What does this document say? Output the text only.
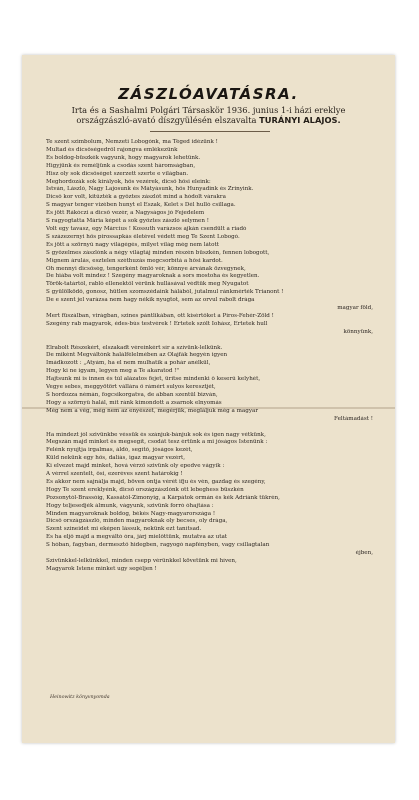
ZÁSZLÓAVATÁSRA.
Irta és a Sashalmi Polgári Társaskör 1936. junius 1-i házi ereklye
országzászló-avató díszgyülésén elszavalta TURÁNYI ALAJOS.
Te szent szimbolum, Nemzeti Lobogónk, ma Téged idézünk !
Multad és dicsőségedről rajongva emlékezünk
És boldog-büszkék vagyunk, hogy magyarok lehetünk.
Higyjünk és reméljünk a csodás szent háromságban,
Hisz oly sok dicsőséget szerzett szerte e világban.
Meghordozák sok királyok, hős vezérek, dicső hősi eleink:
István, László, Nagy Lajosunk és Mátyásunk, hős Hunyadink és Zrinyink.
Dicső kor volt, kitűzték a győztes zászlót mind a hódolt várakra
S magyar tenger vizében hunyt el Észak, Kelet s Dél hulló csillaga.
És jött Rákóczi a dicső vezér, a Nagyságos jó Fejedelem
S ragyogtatta Mária képét a sok győztes zászló selymen !
Volt egy tavasz, egy Március ! Kossuth varázsos ajkán csendült a riadó
S százezernyi hős pirossapkás életével védett meg Te Szent Lobogó.
És jött a szörnyű nagy világégés, milyet világ még nem látott
S győzelmes zászlónk a négy világtáj minden részén büszkén, fennen lobogott,
Mignem árulás, esztelen széthuzás megcsorbítá a hősi kardot.
Oh mennyi dicsőség, tengerként ömlő vér, könnye árvának özvegynek,
De hiába volt mindez ! Szegény magyaroknak a sors mostoha és kegyetlen.
Török-tatártól, rabló ellenektől vérünk hullásával védtük meg Nyugatot
S gyülölködő, gonosz, hütlen szomszédaink hálából, jutalmul ránkmérték Trianont !
De e szent jel varázsa nem hagy nékik nyugtot, sem az orvul rabolt drága
magyar föld,
Mert füszálban, virágban, szines pántlikában, ott kisértőket a Piros-Fehér-Zöld !
Szegény rab magyarok, édes-bús testvérek ! Értetek szólt Iohász, Értetek hull
könnyünk,
Elrabolt Részekért, elszakadt véreinkért sír a szívünk-lelkünk.
De miként Megváltónk halálfélelmében az Olajfák hegyén igyen
Imádkozott : „Atyám, ha el nem mulhatik a pohár anélkül,
Hogy ki ne igyam, legyen meg a Te akaratod !"
Hajtsunk mi is innen és túl alázatos fejet, ürítse mindenki ő keserű kelyhét,
Vegye sebes, meggyötört vállára ő rámért sulyos keresztjét,
S hordozza némán, fogcsikorgatva, de abban szentül bizván,
Hogy a szörnyű halál, mit ránk kimondott a zsarnok elnyomás
Még nem a vég, még nem az enyészet, megérjük, megláljuk még a magyar
Feltámadást !
Ha mindezt jól szivünkbe véssük és szánjuk-bánjuk sok és igen nagy vétkünk,
Megszán majd minket és megsegít, csodát tesz értünk a mi jóságos Istenünk :
Felénk nyujtja irgalmas, áldó, segítő, jóságos kezét,
Küld nekünk egy hős, daliás, igaz magyar vezért,
Ki elvezet majd minket, hová vérző szivünk oly epedve vágyik :
A vérrel szentelt, ősi, ezeréves szent határokig !
És akkor nem sajnálja majd, böven ontja vérét ifju és vén, gazdag és szegény,
Hogy Te szent ereklyénk, dicső országzászlónk ott lebeghess büszkén
Pozsonytól-Brassóig, Kassától-Zimonyig, a Kárpátok ormán és kék Adriánk tükrén,
Hogy teljesedjék álmunk, vágyunk, szivünk forró óhajtása :
Minden magyaroknak boldog, békés Nagy-magyarországa !
Dicső országzászló, minden magyaroknak oly becses, oly drága,
Szent szineidet mi eképen lássuk, nekünk ezt tanítsad.
És ha eljő majd a megváltó óra, járj mielőttünk, mutatva az utat
S hóban, fagyban, dermesztő hidegben, ragyogó napfényben, vagy csillagtalan
éjben,
Szívünkkel-lelkünkkel, minden csepp vérünkkel követünk mi híven,
Magyarok Istene minket ugy segéljen !
Heinowitz könyvnyomda
